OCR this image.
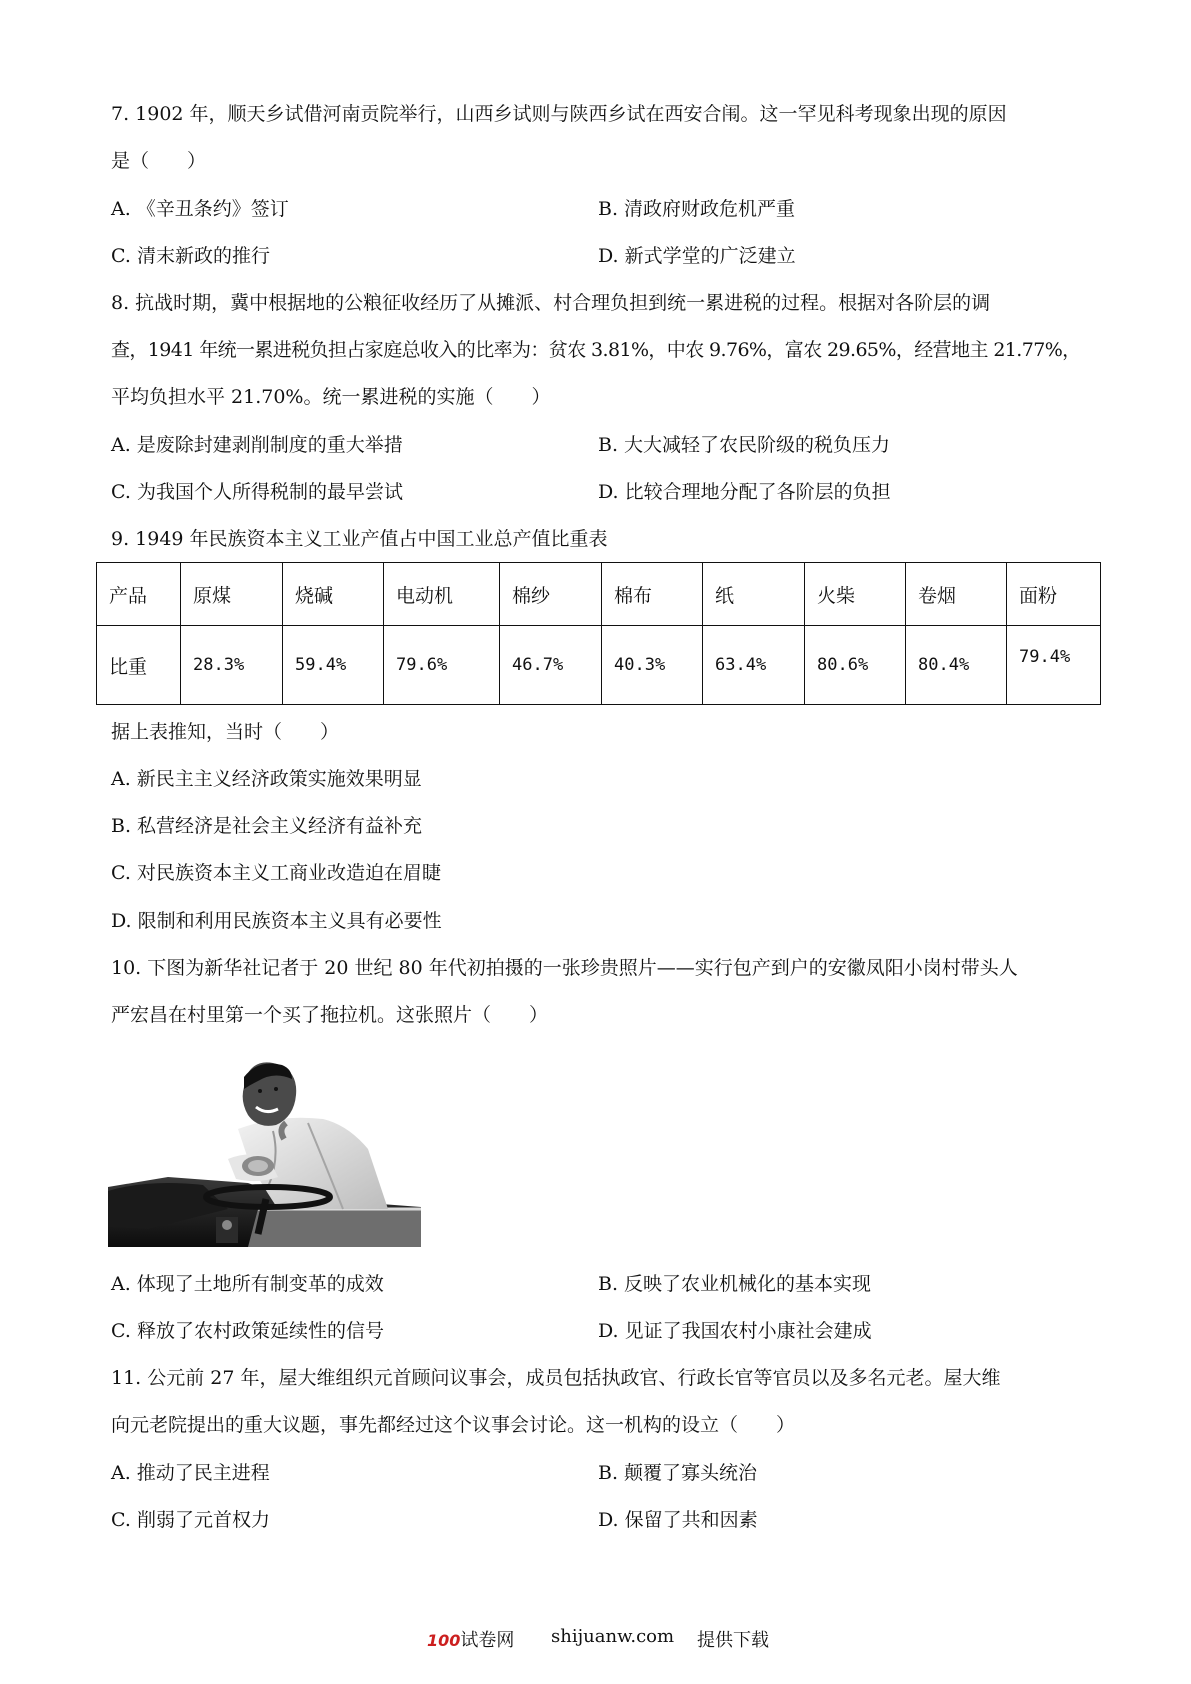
7. 1902 年，顺天乡试借河南贡院举行，山西乡试则与陕西乡试在西安合闱。这一罕见科考现象出现的原因
是（　　）
A. 《辛丑条约》签订	B. 清政府财政危机严重
C. 清末新政的推行	D. 新式学堂的广泛建立
8. 抗战时期，冀中根据地的公粮征收经历了从摊派、村合理负担到统一累进税的过程。根据对各阶层的调
查，1941 年统一累进税负担占家庭总收入的比率为：贫农 3.81%，中农 9.76%，富农 29.65%，经营地主 21.77%，
平均负担水平 21.70%。统一累进税的实施（　　）
A. 是废除封建剥削制度的重大举措	B. 大大减轻了农民阶级的税负压力
C. 为我国个人所得税制的最早尝试	D. 比较合理地分配了各阶层的负担
9. 1949 年民族资本主义工业产值占中国工业总产值比重表
产品	原煤	烧碱	电动机	棉纱	棉布	纸	火柴	卷烟	面粉
比重	28.3%	59.4%	79.6%	46.7%	40.3%	63.4%	80.6%	80.4%	79.4%
据上表推知，当时（　　）
A. 新民主主义经济政策实施效果明显
B. 私营经济是社会主义经济有益补充
C. 对民族资本主义工商业改造迫在眉睫
D. 限制和利用民族资本主义具有必要性
10. 下图为新华社记者于 20 世纪 80 年代初拍摄的一张珍贵照片——实行包产到户的安徽凤阳小岗村带头人
严宏昌在村里第一个买了拖拉机。这张照片（　　）
A. 体现了土地所有制变革的成效	B. 反映了农业机械化的基本实现
C. 释放了农村政策延续性的信号	D. 见证了我国农村小康社会建成
11. 公元前 27 年，屋大维组织元首顾问议事会，成员包括执政官、行政长官等官员以及多名元老。屋大维
向元老院提出的重大议题，事先都经过这个议事会讨论。这一机构的设立（　　）
A. 推动了民主进程	B. 颠覆了寡头统治
C. 削弱了元首权力	D. 保留了共和因素
100试卷网 shijuanw.com 提供下载
